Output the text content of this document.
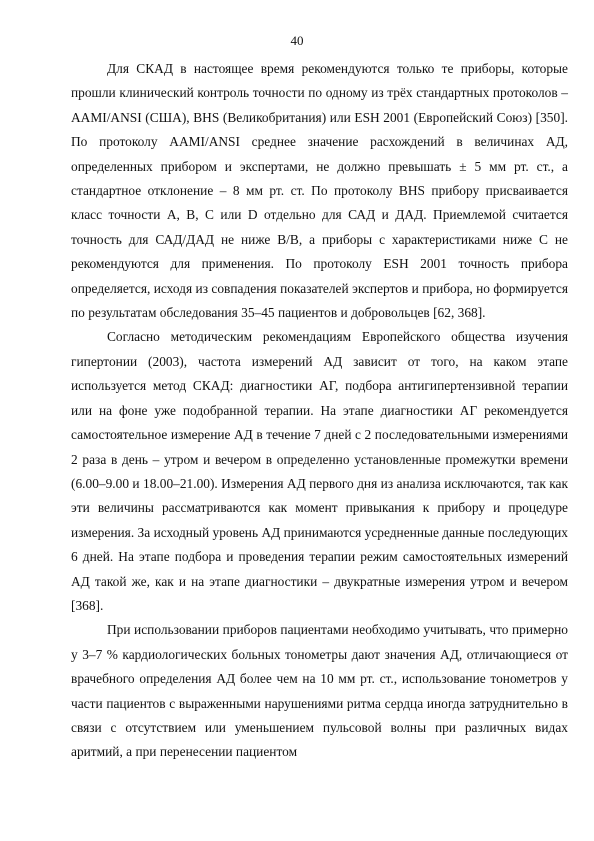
40

Для СКАД в настоящее время рекомендуются только те приборы, которые прошли клинический контроль точности по одному из трёх стандартных протоколов – AAMI/ANSI (США), BHS (Великобритания) или ESH 2001 (Европейский Союз) [350]. По протоколу AAMI/ANSI среднее значение расхождений в величинах АД, определенных прибором и экспертами, не должно превышать ± 5 мм рт. ст., а стандартное отклонение – 8 мм рт. ст. По протоколу BHS прибору присваивается класс точности А, В, С или D отдельно для САД и ДАД. Приемлемой считается точность для САД/ДАД не ниже В/В, а приборы с характеристиками ниже С не рекомендуются для применения. По протоколу ESH 2001 точность прибора определяется, исходя из совпадения показателей экспертов и прибора, но формируется по результатам обследования 35–45 пациентов и добровольцев [62, 368].

Согласно методическим рекомендациям Европейского общества изучения гипертонии (2003), частота измерений АД зависит от того, на каком этапе используется метод СКАД: диагностики АГ, подбора антигипертензивной терапии или на фоне уже подобранной терапии. На этапе диагностики АГ рекомендуется самостоятельное измерение АД в течение 7 дней с 2 последовательными измерениями 2 раза в день – утром и вечером в определенно установленные промежутки времени (6.00–9.00 и 18.00–21.00). Измерения АД первого дня из анализа исключаются, так как эти величины рассматриваются как момент привыкания к прибору и процедуре измерения. За исходный уровень АД принимаются усредненные данные последующих 6 дней. На этапе подбора и проведения терапии режим самостоятельных измерений АД такой же, как и на этапе диагностики – двукратные измерения утром и вечером [368].

При использовании приборов пациентами необходимо учитывать, что примерно у 3–7 % кардиологических больных тонометры дают значения АД, отличающиеся от врачебного определения АД более чем на 10 мм рт. ст., использование тонометров у части пациентов с выраженными нарушениями ритма сердца иногда затруднительно в связи с отсутствием или уменьшением пульсовой волны при различных видах аритмий, а при перенесении пациентом
